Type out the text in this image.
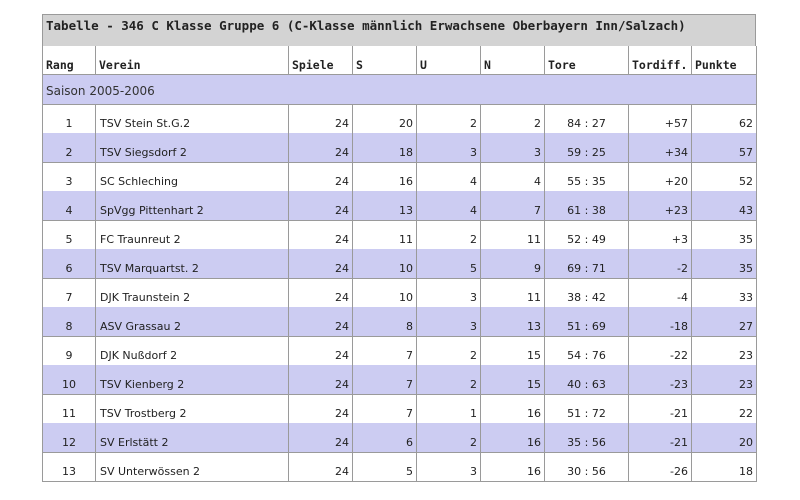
Tabelle - 346 C Klasse Gruppe 6 (C-Klasse männlich Erwachsene Oberbayern Inn/Salzach)
Rang	Verein	Spiele	S	U	N	Tore	Tordiff.	Punkte
Saison 2005-2006								
1	TSV Stein St.G.2	24	20	2	2	84 : 27	+57	62
2	TSV Siegsdorf 2	24	18	3	3	59 : 25	+34	57
3	SC Schleching	24	16	4	4	55 : 35	+20	52
4	SpVgg Pittenhart 2	24	13	4	7	61 : 38	+23	43
5	FC Traunreut 2	24	11	2	11	52 : 49	+3	35
6	TSV Marquartst. 2	24	10	5	9	69 : 71	-2	35
7	DJK Traunstein 2	24	10	3	11	38 : 42	-4	33
8	ASV Grassau 2	24	8	3	13	51 : 69	-18	27
9	DJK Nußdorf 2	24	7	2	15	54 : 76	-22	23
10	TSV Kienberg 2	24	7	2	15	40 : 63	-23	23
11	TSV Trostberg 2	24	7	1	16	51 : 72	-21	22
12	SV Erlstätt 2	24	6	2	16	35 : 56	-21	20
13	SV Unterwössen 2	24	5	3	16	30 : 56	-26	18
